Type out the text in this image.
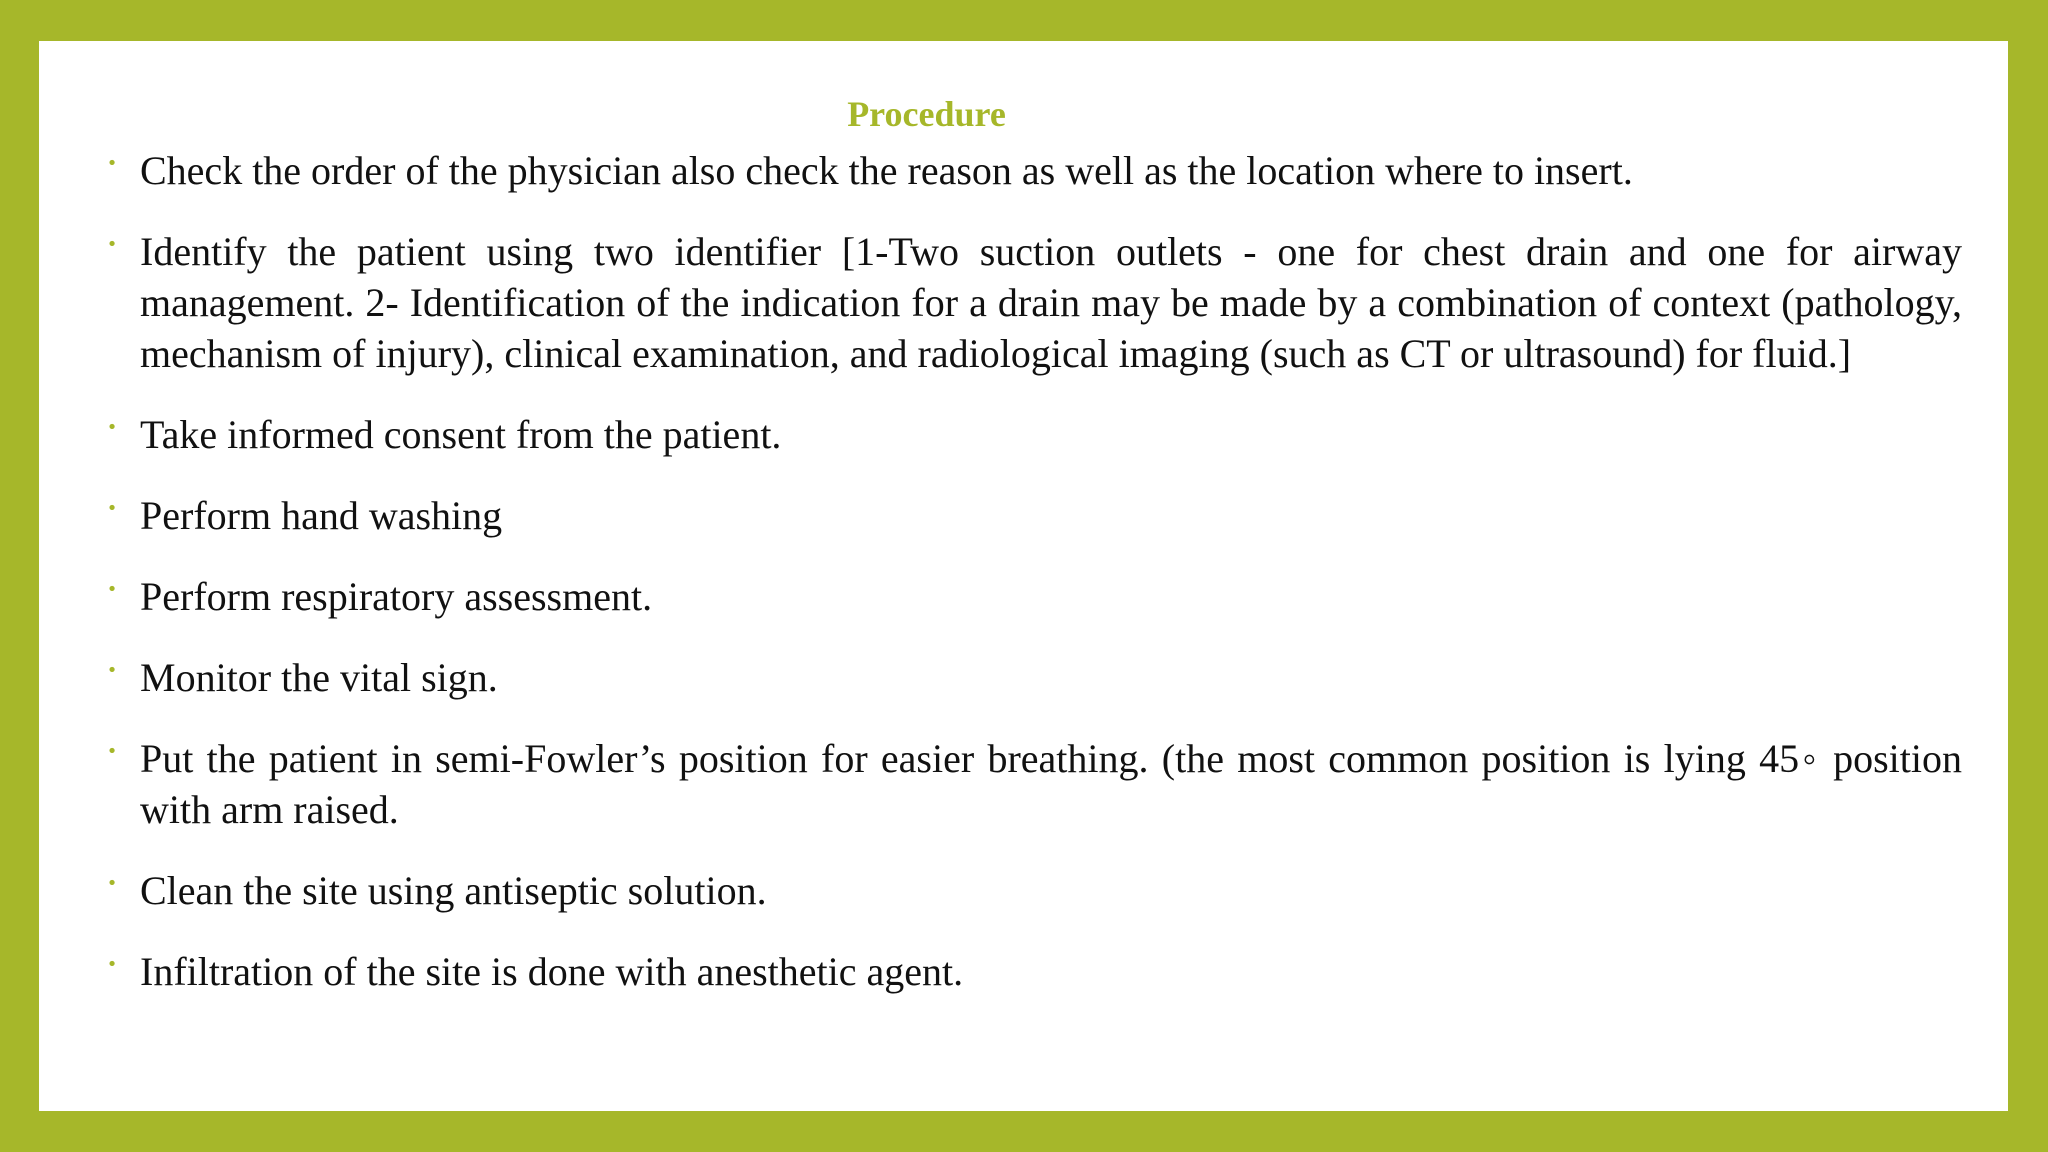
Procedure
• Check the order of the physician also check the reason as well as the location where to insert.
• Identify the patient using two identifier [1-Two suction outlets - one for chest drain and one for airway management. 2- Identification of the indication for a drain may be made by a combination of context (pathology, mechanism of injury), clinical examination, and radiological imaging (such as CT or ultrasound) for fluid.]
• Take informed consent from the patient.
• Perform hand washing
• Perform respiratory assessment.
• Monitor the vital sign.
• Put the patient in semi-Fowler’s position for easier breathing. (the most common position is lying 45◦ position with arm raised.
• Clean the site using antiseptic solution.
• Infiltration of the site is done with anesthetic agent.
